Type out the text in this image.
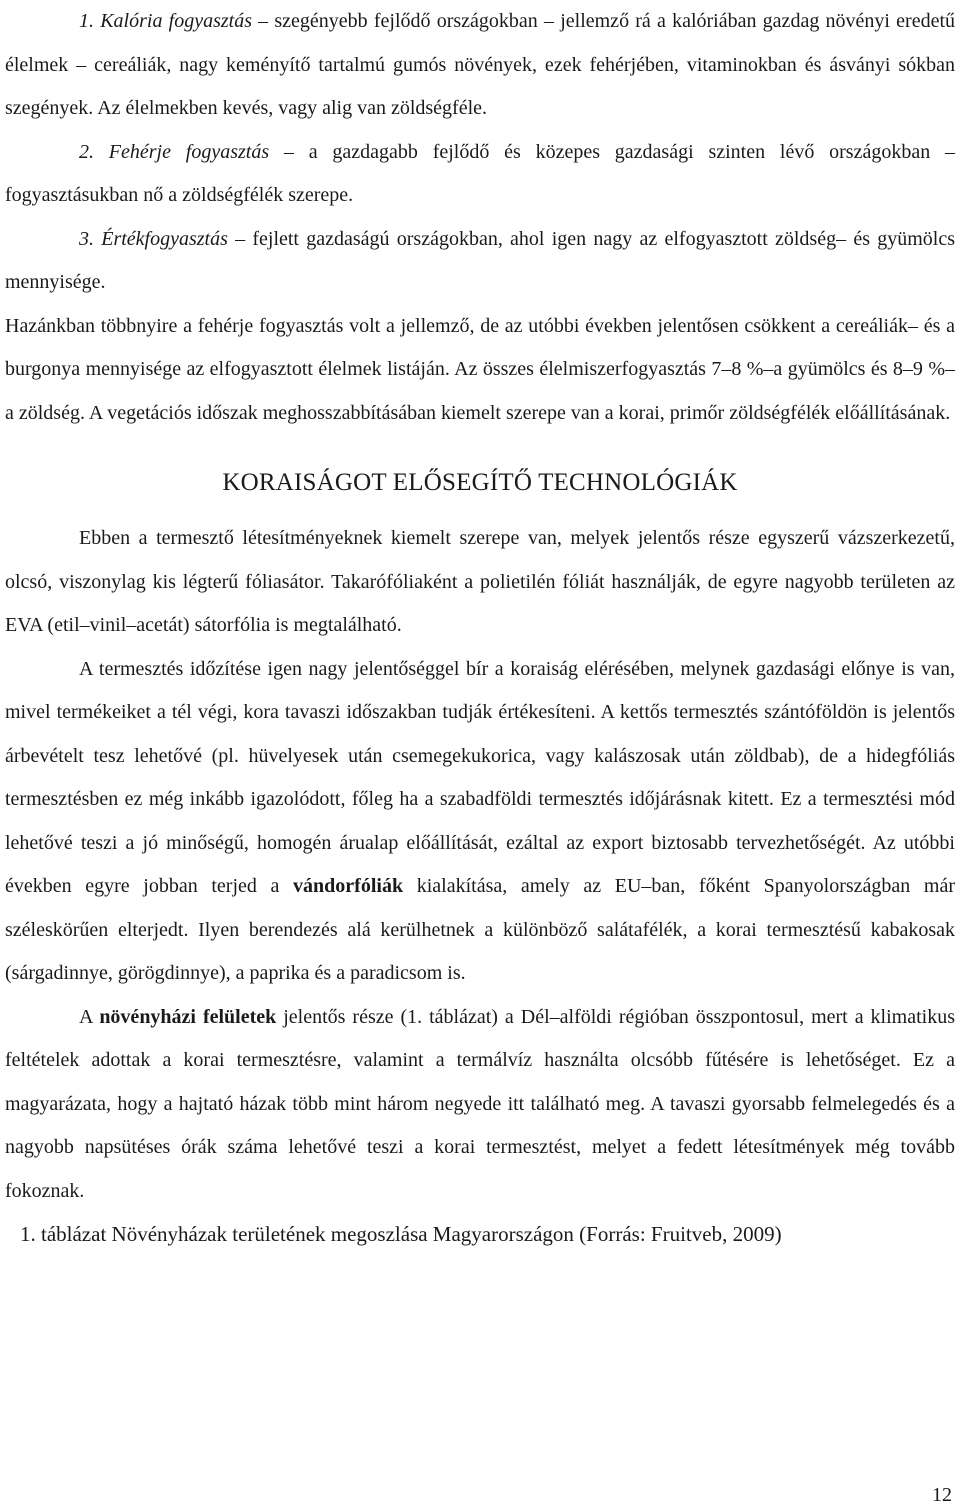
1. Kalória fogyasztás – szegényebb fejlődő országokban – jellemző rá a kalóriában gazdag növényi eredetű élelmek – cereáliák, nagy keményítő tartalmú gumós növények, ezek fehérjében, vitaminokban és ásványi sókban szegények. Az élelmekben kevés, vagy alig van zöldségféle.

2. Fehérje fogyasztás – a gazdagabb fejlődő és közepes gazdasági szinten lévő országokban – fogyasztásukban nő a zöldségfélék szerepe.

3. Értékfogyasztás – fejlett gazdaságú országokban, ahol igen nagy az elfogyasztott zöldség– és gyümölcs mennyisége.

Hazánkban többnyire a fehérje fogyasztás volt a jellemző, de az utóbbi években jelentősen csökkent a cereáliák– és a burgonya mennyisége az elfogyasztott élelmek listáján. Az összes élelmiszerfogyasztás 7–8 %–a gyümölcs és 8–9 %–a zöldség. A vegetációs időszak meghosszabbításában kiemelt szerepe van a korai, primőr zöldségfélék előállításának.

KORAISÁGOT ELŐSEGÍTŐ TECHNOLÓGIÁK

Ebben a termesztő létesítményeknek kiemelt szerepe van, melyek jelentős része egyszerű vázszerkezetű, olcsó, viszonylag kis légterű fóliasátor. Takarófóliaként a polietilén fóliát használják, de egyre nagyobb területen az EVA (etil–vinil–acetát) sátorfólia is megtalálható.

A termesztés időzítése igen nagy jelentőséggel bír a koraiság elérésében, melynek gazdasági előnye is van, mivel termékeiket a tél végi, kora tavaszi időszakban tudják értékesíteni. A kettős termesztés szántóföldön is jelentős árbevételt tesz lehetővé (pl. hüvelyesek után csemegekukorica, vagy kalászosak után zöldbab), de a hidegfóliás termesztésben ez még inkább igazolódott, főleg ha a szabadföldi termesztés időjárásnak kitett. Ez a termesztési mód lehetővé teszi a jó minőségű, homogén árualap előállítását, ezáltal az export biztosabb tervezhetőségét. Az utóbbi években egyre jobban terjed a vándorfóliák kialakítása, amely az EU–ban, főként Spanyolországban már széleskörűen elterjedt. Ilyen berendezés alá kerülhetnek a különböző salátafélék, a korai termesztésű kabakosak (sárgadinnye, görögdinnye), a paprika és a paradicsom is.

A növényházi felületek jelentős része (1. táblázat) a Dél–alföldi régióban összpontosul, mert a klimatikus feltételek adottak a korai termesztésre, valamint a termálvíz használta olcsóbb fűtésére is lehetőséget. Ez a magyarázata, hogy a hajtató házak több mint három negyede itt található meg. A tavaszi gyorsabb felmelegedés és a nagyobb napsütéses órák száma lehetővé teszi a korai termesztést, melyet a fedett létesítmények még tovább fokoznak.

1. táblázat Növényházak területének megoszlása Magyarországon (Forrás: Fruitveb, 2009)

12
